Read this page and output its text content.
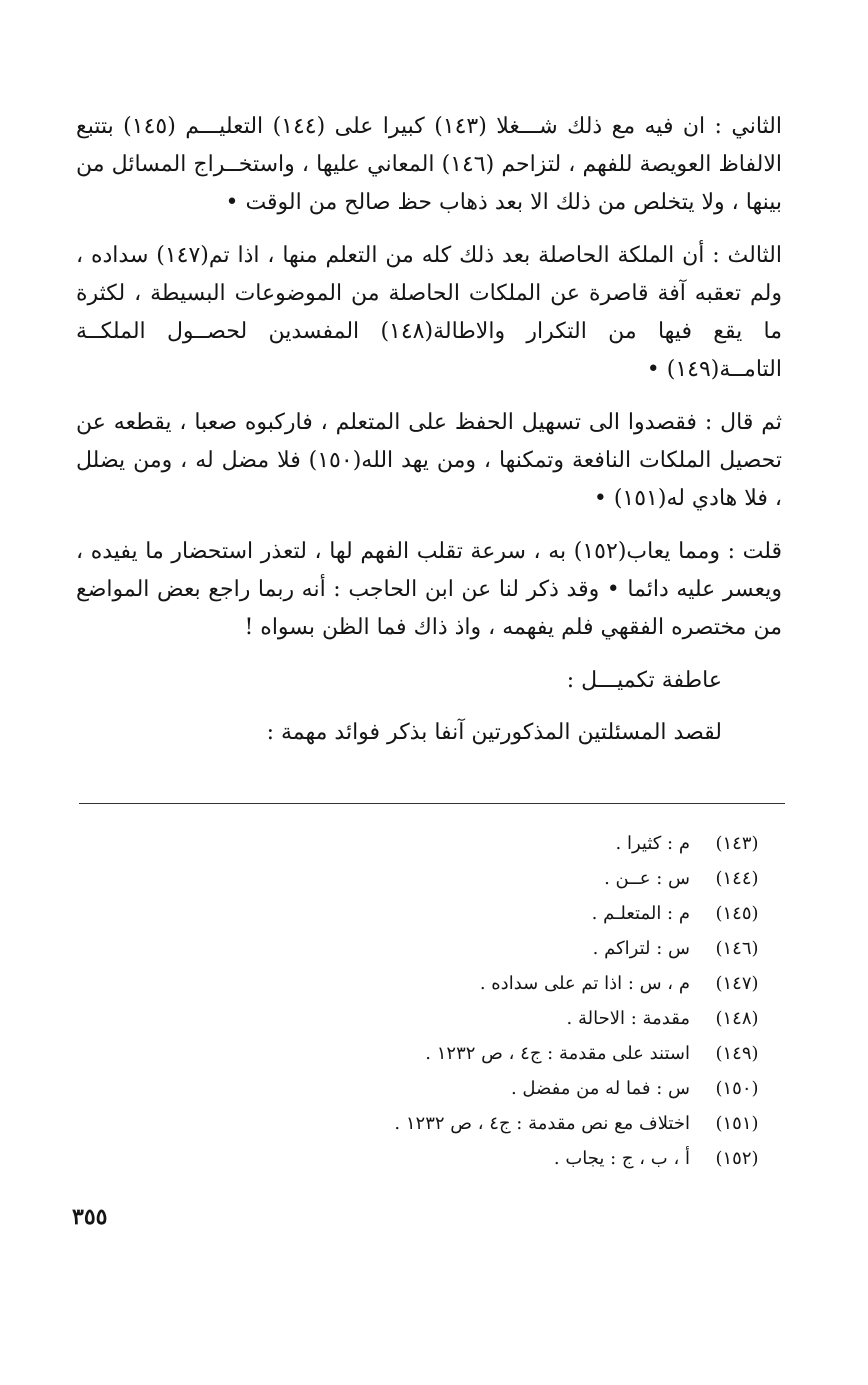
الثاني : ان فيه مع ذلك شـــغلا (١٤٣) كبيرا على (١٤٤) التعليـــم (١٤٥) بتتبع الالفاظ العويصة للفهم ، لتزاحم (١٤٦) المعاني عليها ، واستخــراج المسائل من بينها ، ولا يتخلص من ذلك الا بعد ذهاب حظ صالح من الوقت •

الثالث : أن الملكة الحاصلة بعد ذلك كله من التعلم منها ، اذا تم(١٤٧) سداده ، ولم تعقبه آفة قاصرة عن الملكات الحاصلة من الموضوعات البسيطة ، لكثرة ما يقع فيها من التكرار والاطالة(١٤٨) المفسدين لحصــول الملكــة التامــة(١٤٩) •

ثم قال : فقصدوا الى تسهيل الحفظ على المتعلم ، فاركبوه صعبا ، يقطعه عن تحصيل الملكات النافعة وتمكنها ، ومن يهد الله(١٥٠) فلا مضل له ، ومن يضلل ، فلا هادي له(١٥١) •

قلت : ومما يعاب(١٥٢) به ، سرعة تقلب الفهم لها ، لتعذر استحضار ما يفيده ، ويعسر عليه دائما • وقد ذكر لنا عن ابن الحاجب : أنه ربما راجع بعض المواضع من مختصره الفقهي فلم يفهمه ، واذ ذاك فما الظن بسواه !

عاطفة تكميـــل :

لقصد المسئلتين المذكورتين آنفا بذكر فوائد مهمة :

(١٤٣)
م : كثيرا .
(١٤٤)
س : عــن .
(١٤٥)
م : المتعلـم .
(١٤٦)
س : لتراكم .
(١٤٧)
م ، س : اذا تم على سداده .
(١٤٨)
مقدمة : الاحالة .
(١٤٩)
استند على مقدمة : ج٤ ، ص ١٢٣٢ .
(١٥٠)
س : فما له من مفضل .
(١٥١)
اختلاف مع نص مقدمة : ج٤ ، ص ١٢٣٢ .
(١٥٢)
أ ، ب ، ج : يجاب .
٣٥٥
